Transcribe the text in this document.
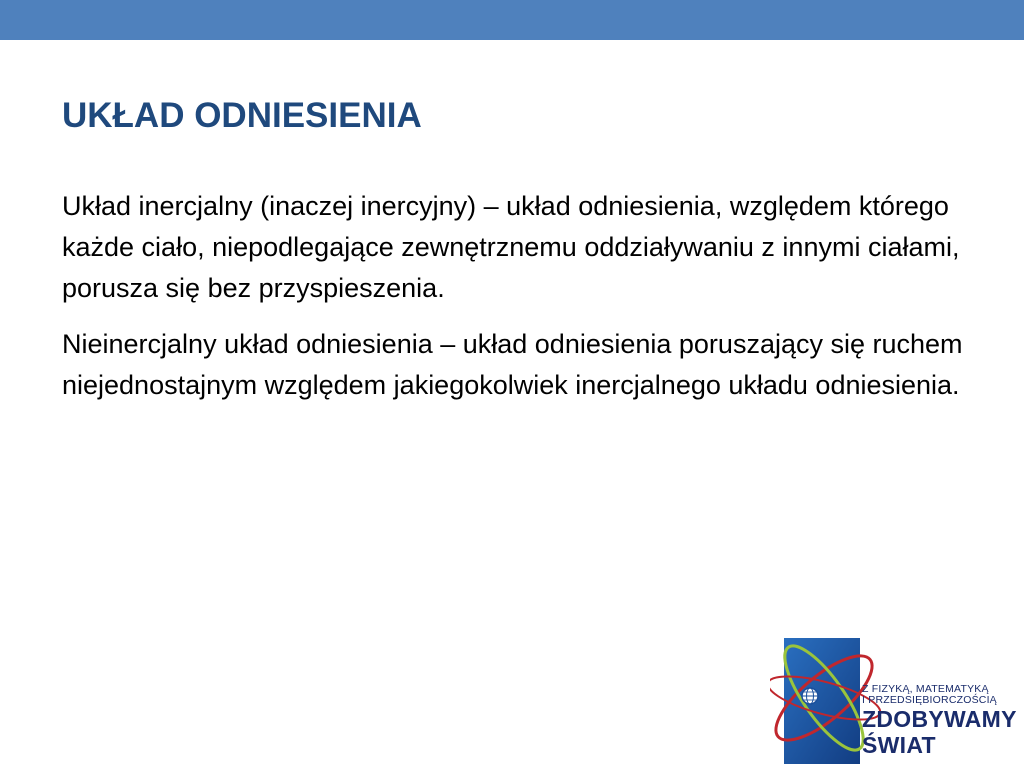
UKŁAD ODNIESIENIA

Układ inercjalny (inaczej inercyjny) – układ odniesienia, względem którego każde ciało, niepodlegające zewnętrznemu oddziaływaniu z innymi ciałami, porusza się bez przyspieszenia.

Nieinercjalny układ odniesienia – układ odniesienia poruszający się ruchem niejednostajnym względem jakiegokolwiek inercjalnego układu odniesienia.

Z FIZYKĄ, MATEMATYKĄ

I PRZEDSIĘBIORCZOŚCIĄ

ZDOBYWAMY

ŚWIAT
